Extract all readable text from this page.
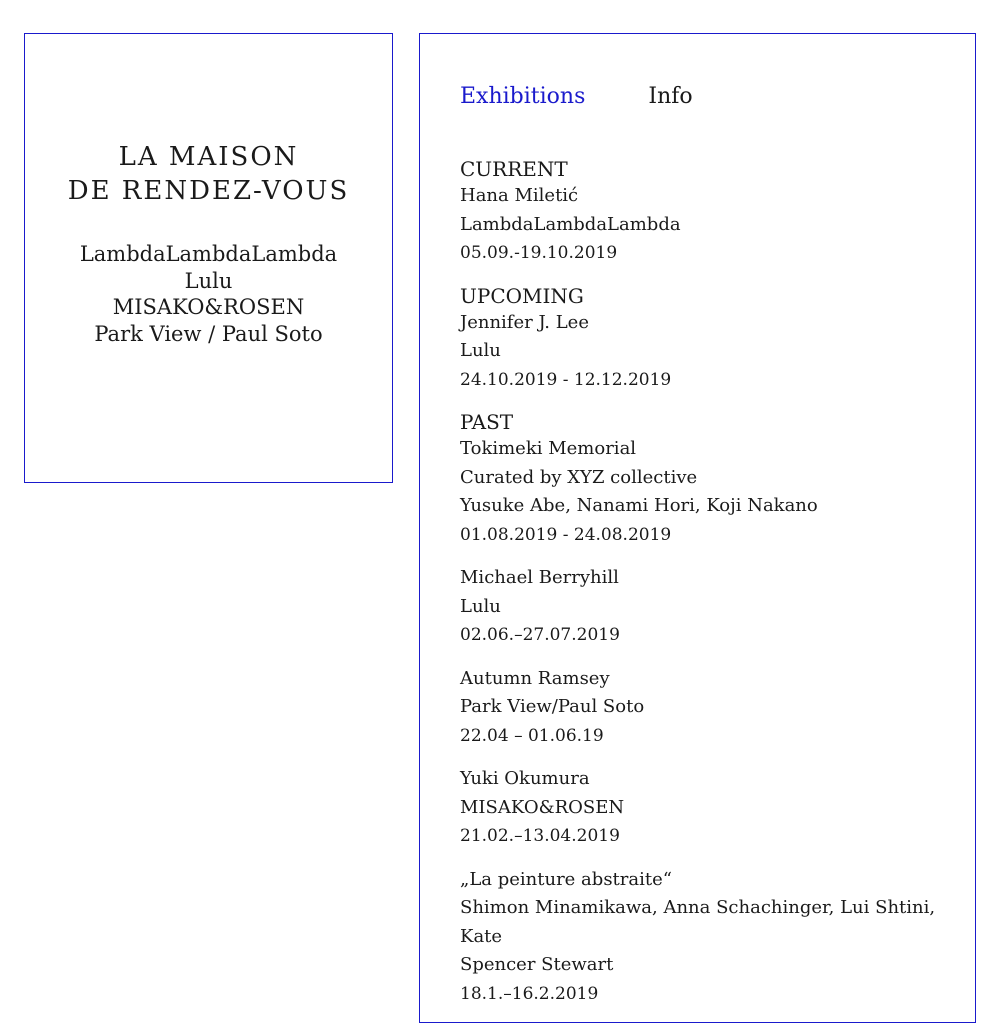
LA MAISON
DE RENDEZ-VOUS
LambdaLambdaLambda
Lulu
MISAKO&ROSEN
Park View / Paul Soto
Exhibitions	Info
CURRENT
Hana Miletić
LambdaLambdaLambda
05.09.-19.10.2019
UPCOMING
Jennifer J. Lee
Lulu
24.10.2019 - 12.12.2019
PAST
Tokimeki Memorial
Curated by XYZ collective
Yusuke Abe, Nanami Hori, Koji Nakano
01.08.2019 - 24.08.2019
Michael Berryhill
Lulu
02.06.–27.07.2019
Autumn Ramsey
Park View/Paul Soto
22.04 – 01.06.19
Yuki Okumura
MISAKO&ROSEN
21.02.–13.04.2019
„La peinture abstraite“
Shimon Minamikawa, Anna Schachinger, Lui Shtini, Kate
Spencer Stewart
18.1.–16.2.2019
